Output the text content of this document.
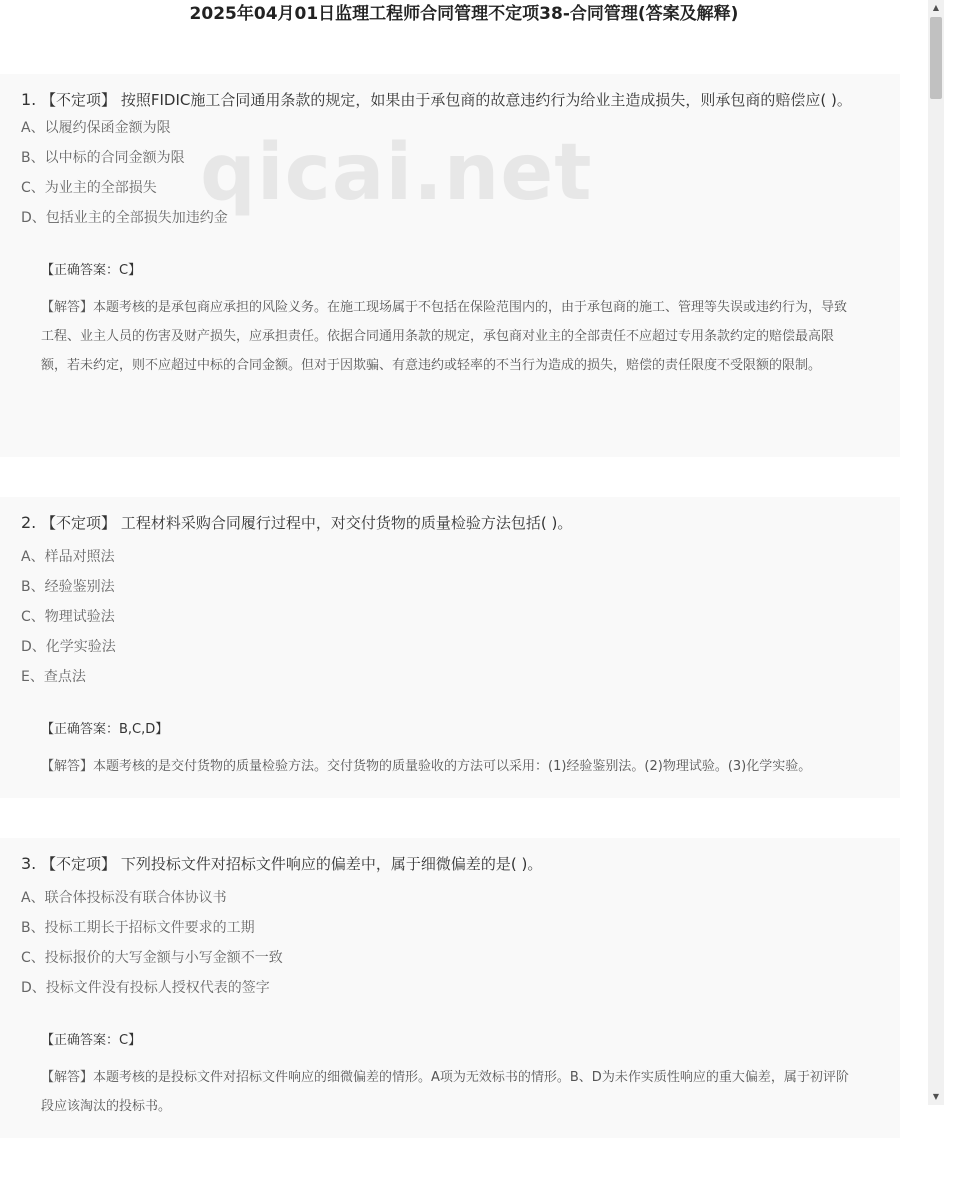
2025年04月01日监理工程师合同管理不定项38-合同管理(答案及解释)
1. 【不定项】 按照FIDIC施工合同通用条款的规定，如果由于承包商的故意违约行为给业主造成损失，则承包商的赔偿应( )。
A、以履约保函金额为限
B、以中标的合同金额为限
C、为业主的全部损失
D、包括业主的全部损失加违约金
【正确答案：C】
【解答】本题考核的是承包商应承担的风险义务。在施工现场属于不包括在保险范围内的，由于承包商的施工、管理等失误或违约行为，导致工程、业主人员的伤害及财产损失，应承担责任。依据合同通用条款的规定，承包商对业主的全部责任不应超过专用条款约定的赔偿最高限额，若未约定，则不应超过中标的合同金额。但对于因欺骗、有意违约或轻率的不当行为造成的损失，赔偿的责任限度不受限额的限制。
2. 【不定项】 工程材料采购合同履行过程中，对交付货物的质量检验方法包括( )。
A、样品对照法
B、经验鉴别法
C、物理试验法
D、化学实验法
E、查点法
【正确答案：B,C,D】
【解答】本题考核的是交付货物的质量检验方法。交付货物的质量验收的方法可以采用：(1)经验鉴别法。(2)物理试验。(3)化学实验。
3. 【不定项】 下列投标文件对招标文件响应的偏差中，属于细微偏差的是( )。
A、联合体投标没有联合体协议书
B、投标工期长于招标文件要求的工期
C、投标报价的大写金额与小写金额不一致
D、投标文件没有投标人授权代表的签字
【正确答案：C】
【解答】本题考核的是投标文件对招标文件响应的细微偏差的情形。A项为无效标书的情形。B、D为未作实质性响应的重大偏差，属于初评阶段应该淘汰的投标书。
▲
▼
